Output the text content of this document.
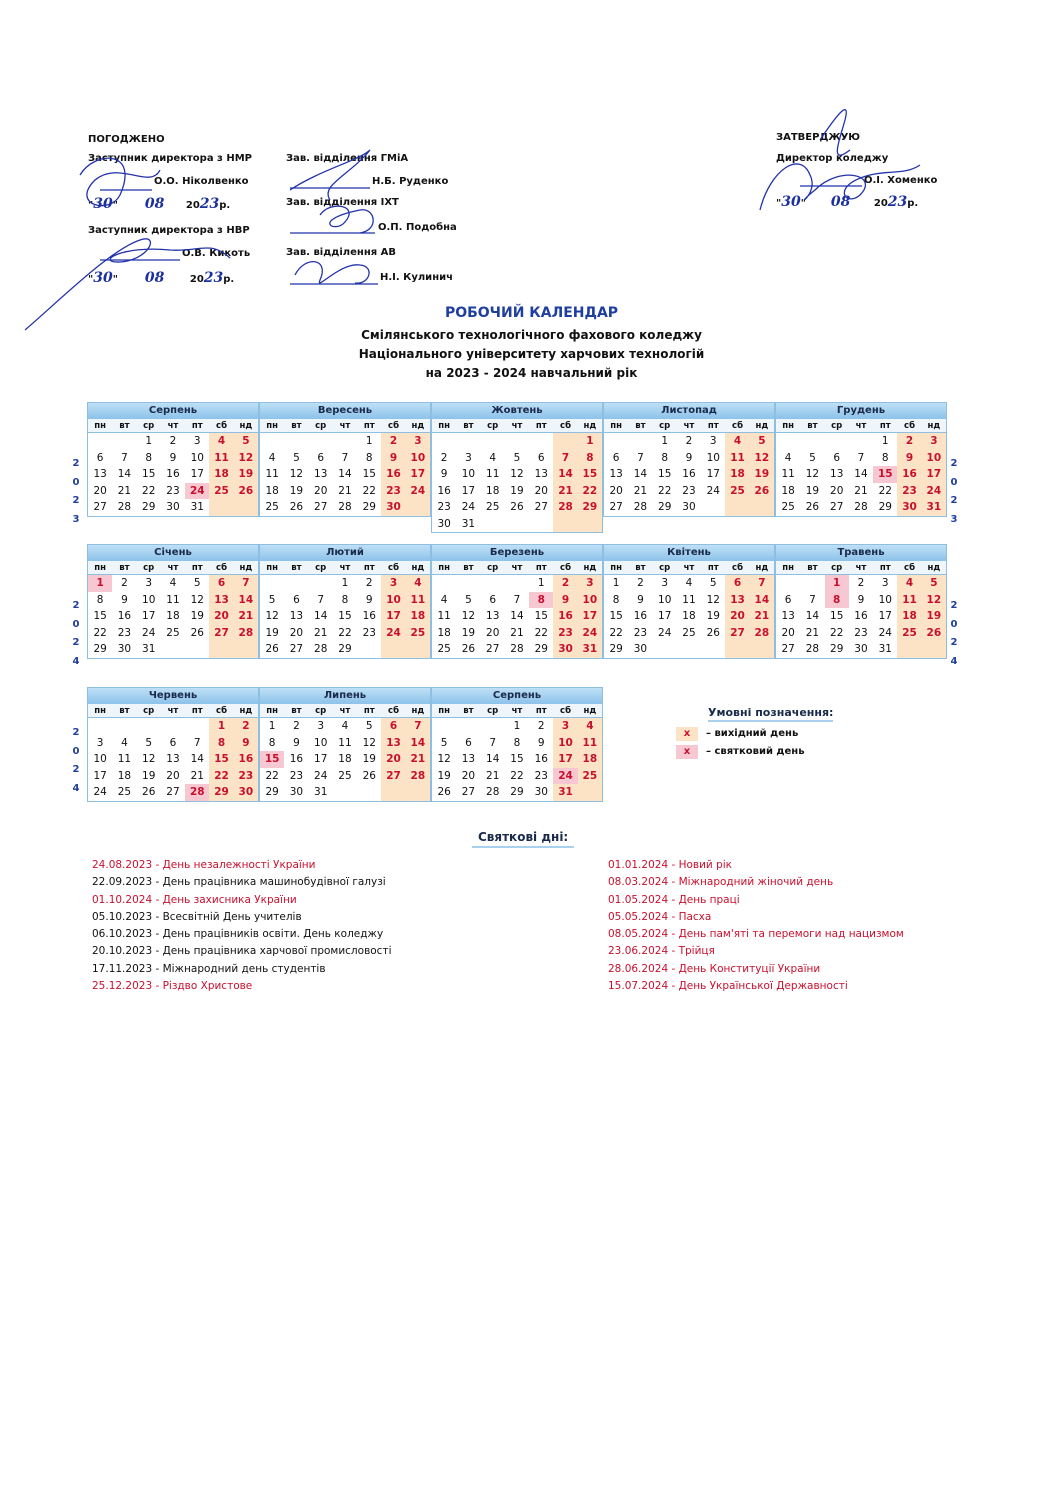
ПОГОДЖЕНО
Заступник директора з НМР
О.О. Ніколвенко
"30" 08 2023р.
Заступник директора з НВР
О.В. Кикоть
"30" 08	2023р.
Зав. відділення ГМіА
Н.Б. Руденко
Зав. відділення ІХТ
О.П. Подобна
Зав. відділення АВ
Н.І. Кулинич
ЗАТВЕРДЖУЮ
Директор коледжу
О.І. Хоменко
"30" 08 2023р.
РОБОЧИЙ КАЛЕНДАР
Смілянського технологічного фахового коледжу
Національного університету харчових технологій
на 2023 - 2024 навчальний рік
Серпень
пн	вт	ср	чт	пт	сб	нд
		1	2	3	4	5
6	7	8	9	10	11	12
13	14	15	16	17	18	19
20	21	22	23	24	25	26
27	28	29	30	31		
Вересень
пн	вт	ср	чт	пт	сб	нд
				1	2	3
4	5	6	7	8	9	10
11	12	13	14	15	16	17
18	19	20	21	22	23	24
25	26	27	28	29	30	
Жовтень
пн	вт	ср	чт	пт	сб	нд
						1
2	3	4	5	6	7	8
9	10	11	12	13	14	15
16	17	18	19	20	21	22
23	24	25	26	27	28	29
30	31					
Листопад
пн	вт	ср	чт	пт	сб	нд
		1	2	3	4	5
6	7	8	9	10	11	12
13	14	15	16	17	18	19
20	21	22	23	24	25	26
27	28	29	30			
Грудень
пн	вт	ср	чт	пт	сб	нд
				1	2	3
4	5	6	7	8	9	10
11	12	13	14	15	16	17
18	19	20	21	22	23	24
25	26	27	28	29	30	31
Січень
пн	вт	ср	чт	пт	сб	нд
1	2	3	4	5	6	7
8	9	10	11	12	13	14
15	16	17	18	19	20	21
22	23	24	25	26	27	28
29	30	31				
Лютий
пн	вт	ср	чт	пт	сб	нд
			1	2	3	4
5	6	7	8	9	10	11
12	13	14	15	16	17	18
19	20	21	22	23	24	25
26	27	28	29			
Березень
пн	вт	ср	чт	пт	сб	нд
				1	2	3
4	5	6	7	8	9	10
11	12	13	14	15	16	17
18	19	20	21	22	23	24
25	26	27	28	29	30	31
Квітень
пн	вт	ср	чт	пт	сб	нд
1	2	3	4	5	6	7
8	9	10	11	12	13	14
15	16	17	18	19	20	21
22	23	24	25	26	27	28
29	30					
Травень
пн	вт	ср	чт	пт	сб	нд
		1	2	3	4	5
6	7	8	9	10	11	12
13	14	15	16	17	18	19
20	21	22	23	24	25	26
27	28	29	30	31		
Червень
пн	вт	ср	чт	пт	сб	нд
					1	2
3	4	5	6	7	8	9
10	11	12	13	14	15	16
17	18	19	20	21	22	23
24	25	26	27	28	29	30
Липень
пн	вт	ср	чт	пт	сб	нд
1	2	3	4	5	6	7
8	9	10	11	12	13	14
15	16	17	18	19	20	21
22	23	24	25	26	27	28
29	30	31				
Серпень
пн	вт	ср	чт	пт	сб	нд
			1	2	3	4
5	6	7	8	9	10	11
12	13	14	15	16	17	18
19	20	21	22	23	24	25
26	27	28	29	30	31	
2
0
2
3
2
0
2
3
2
0
2
4
2
0
2
4
2
0
2
4
Умовні позначення:
х – вихідний день
х – святковий день
Святкові дні:
24.08.2023 - День незалежності України
22.09.2023 - День працівника машинобудівної галузі
01.10.2024 - День захисника України
05.10.2023 - Всесвітній День учителів
06.10.2023 - День працівників освіти. День коледжу
20.10.2023 - День працівника харчової промисловості
17.11.2023 - Міжнародний день студентів
25.12.2023 - Різдво Христове
01.01.2024 - Новий рік
08.03.2024 - Міжнародний жіночий день
01.05.2024 - День праці
05.05.2024 - Пасха
08.05.2024 - День пам'яті та перемоги над нацизмом
23.06.2024 - Трійця
28.06.2024 - День Конституції України
15.07.2024 - День Української Державності
